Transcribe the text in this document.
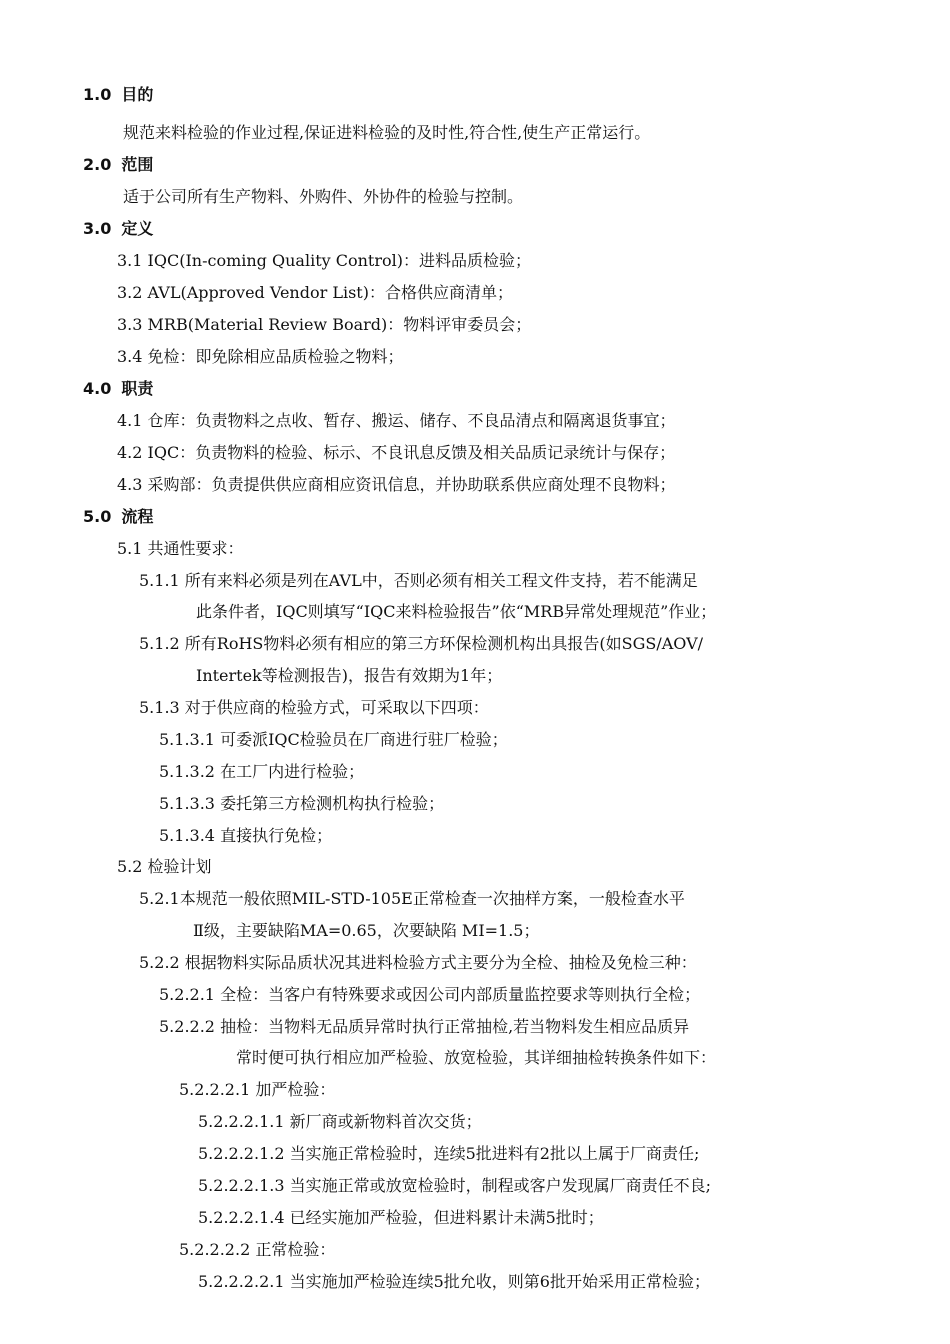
1.0 目的
规范来料检验的作业过程,保证进料检验的及时性,符合性,使生产正常运行。
2.0 范围
适于公司所有生产物料、外购件、外协件的检验与控制。
3.0 定义
3.1 IQC(In-coming Quality Control)：进料品质检验；
3.2 AVL(Approved Vendor List)：合格供应商清单；
3.3 MRB(Material Review Board)：物料评审委员会；
3.4 免检：即免除相应品质检验之物料；
4.0 职责
4.1 仓库：负责物料之点收、暂存、搬运、储存、不良品清点和隔离退货事宜；
4.2 IQC：负责物料的检验、标示、不良讯息反馈及相关品质记录统计与保存；
4.3 采购部：负责提供供应商相应资讯信息，并协助联系供应商处理不良物料；
5.0 流程
5.1 共通性要求：
5.1.1 所有来料必须是列在AVL中，否则必须有相关工程文件支持，若不能满足
此条件者，IQC则填写“IQC来料检验报告”依“MRB异常处理规范”作业；
5.1.2 所有RoHS物料必须有相应的第三方环保检测机构出具报告(如SGS/AOV/
Intertek等检测报告)，报告有效期为1年；
5.1.3 对于供应商的检验方式，可采取以下四项：
5.1.3.1 可委派IQC检验员在厂商进行驻厂检验；
5.1.3.2 在工厂内进行检验；
5.1.3.3 委托第三方检测机构执行检验；
5.1.3.4 直接执行免检；
5.2 检验计划
5.2.1本规范一般依照MIL-STD-105E正常检查一次抽样方案，一般检查水平
Ⅱ级，主要缺陷MA=0.65，次要缺陷 MI=1.5；
5.2.2 根据物料实际品质状况其进料检验方式主要分为全检、抽检及免检三种：
5.2.2.1 全检：当客户有特殊要求或因公司内部质量监控要求等则执行全检；
5.2.2.2 抽检：当物料无品质异常时执行正常抽检,若当物料发生相应品质异
常时便可执行相应加严检验、放宽检验，其详细抽检转换条件如下：
5.2.2.2.1 加严检验：
5.2.2.2.1.1 新厂商或新物料首次交货；
5.2.2.2.1.2 当实施正常检验时，连续5批进料有2批以上属于厂商责任;
5.2.2.2.1.3 当实施正常或放宽检验时，制程或客户发现属厂商责任不良;
5.2.2.2.1.4 已经实施加严检验，但进料累计未满5批时；
5.2.2.2.2 正常检验：
5.2.2.2.2.1 当实施加严检验连续5批允收，则第6批开始采用正常检验；
